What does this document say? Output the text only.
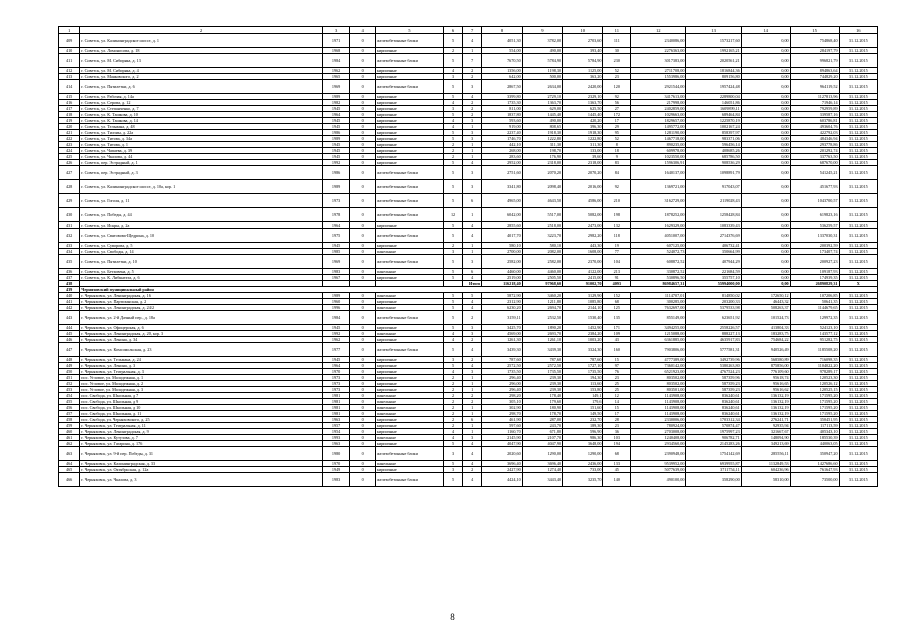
1	2	3	4	5	6	7	8	9	10	11	12	13	14	15	16
409	г. Советск, ул. Калининградское шоссе, д. 1	1971	0	железобетонные блоки	5	4	4051,30	3782,00	2703,60	111	2340086,00	1573217,60	0,00	754868,40	31.12.2015
410	г. Советск, ул. Ломоносова, д. 18	1968	0	кирпичные	2	1	554,00	490,00	393,40	30	2276363,00	1992165,21	0,00	284197,79	31.12.2015
411	г. Советск, ул. М. Сибиряка, д. 13	1984	0	железобетонные блоки	5	7	7670,50	5784,90	5784,90	230	3017383,00	2020561,21	0,00	996821,79	31.12.2015
412	г. Советск, ул. М. Сибиряка, д. 4	1962	0	кирпичные	4	2	1356,00	1198,30	1125,00	52	2711708,00	1816844,36	0,00	894863,64	31.12.2015
413	г. Советск, ул. Маяковского, д. 2	1965	0	кирпичные	3	2	642,00	500,00	363,20	23	1553986,00	809156,80	0,00	744829,20	31.12.2015
414	г. Советск, ул. Пятилетки, д. 6	1969	0	железобетонные блоки	5	3	2867,50	2634,00	2420,00	120	2921544,00	1957424,48	0,00	964119,52	31.12.2015
415	г. Советск, ул. Рабочая, д. 14а	1989	0	кирпичные	5	4	3399,80	2729,10	2329,10	92	3417613,00	2289800,04	0,00	1127813,96	31.12.2015
416	г. Советск, ул. Серова, д. 12	1982	0	кирпичные	4	2	1735,30	1363,70	1363,70	56	217998,00	146051,86	0,00	71946,14	31.12.2015
417	г. Советск, ул. Степанченко, д. 7	1945	0	кирпичные	3	2	811,00	629,00	625,50	27	2402859,00	1609899,11	0,00	792959,89	31.12.2015
418	г. Советск, ул. К. Ташкова, д. 10	1964	0	кирпичные	5	2	1837,80	1445,40	1445,40	172	1029663,00	689464,84	0,00	339587,16	31.12.2015
419	г. Советск, ул. К. Ташкова, д. 14	1945	0	кирпичные	4	3	593,60	490,00	420,20	17	1829657,00	1225870,19	0,00	603786,81	31.12.2015
420	г. Советск, ул. Тельмана, д. 48	1945	0	кирпичные	4	1	919,00	808,65	396,30	29	1495772,00	1002167,24	0,00	493604,76	31.12.2015
421	г. Советск, ул. Тилзиы, д. 22а	1986	0	кирпичные	5	3	2237,40	1918,30	1918,30	95	1281190,00	858397,97	0,00	422792,03	31.12.2015
422	г. Советск, ул. Титова, д. 34а	1989	0	кирпичные	5	3	1746,70	1222,80	1222,80	52	1467718,00	983371,06	0,00	484346,94	31.12.2015
423	г. Советск, ул. Титова, д. 1	1945	0	кирпичные	2	1	442,10	311,30	311,30	8	890235,00	596456,14	0,00	293778,86	31.12.2015
424	г. Советск, ул. Чапаева, д. 39	1945	0	кирпичные	2	1	268,00	198,70	133,00	18	609978,00	408685,26	0,00	201292,74	31.12.2015
425	г. Советск, ул. Чкалова, д. 44	1945	0	кирпичные	2	1	283,60	176,90	39,60	9	1023550,00	685786,50	0,00	337763,50	31.12.2015
426	г. Советск, пер. Эстрадный, д. 1	1992	0	кирпичные	5	4	2952,00	2318,00	2318,00	83	1596306,91	908536,29	0,00	687670,00	31.12.2015
427	г. Советск, пер. Эстрадный, д. 3	1986	0	железобетонные блоки	5	3	2751,60	2070,20	2070,20	84	1640137,00	1098891,79	0,00	541245,21	31.12.2015
428	г. Советск, ул. Калининградское шоссе, д. 10а, кор. 1	1989	0	железобетонные блоки	5	3	3341,80	2098,40	2016,00	92	1369721,00	917043,07	0,00	451677,93	31.12.2015
429	г. Советск, ул. Гоголя, д. 11	1973	0	железобетонные блоки	5	6	4965,00	4643,50	4586,00	210	3162729,00	2119028,43	0,00	1043700,57	31.12.2015
430	г. Советск, ул. Победы, д. 44	1978	0	железобетонные блоки	12	1	6042,00	5517,00	5082,00	198	1878252,00	1258428,84	0,00	619823,16	31.12.2015
431	г. Советск, ул. Искры, д. 2а	1964	0	кирпичные	5	4	2855,60	2518,00	2473,00	132	1629329,00	1083339,43	0,00	536259,57	31.12.2015
432	г. Советск, ул. Святовова-Щедрина, д. 10	1975	0	железобетонные блоки	5	4	4017,70	3223,70	2982,20	118	4051007,00	2714376,69	0,00	1337030,31	31.12.2015
433	г. Советск, ул. Суворова, д. 5	1945	0	кирпичные	2	1	580,10	580,10	443,30	19	607125,00	406732,41	0,00	200392,59	31.12.2015
434	г. Советск, ул. Свободы, д. 14	1985	0	панельные	3	1	2700,00	2082,00	1608,00	77	524072,73	350664,99	0,00	173407,74	31.12.2015
435	г. Советск, ул. Пятилетки, д. 10	1969	0	железобетонные блоки	5	3	2582,00	2582,00	2370,00	104	608872,52	407944,29	0,00	200927,23	31.12.2015
436	г. Советск, ул. Бетховена, д. 5	1983	0	панельные	5	6	4460,00	4460,00	4122,00	213	330872,52	221684,59	0,00	109187,93	31.12.2015
437	г. Советск, ул. К. Либкнехта, д. 6	1967	0	кирпичные	5	4	2519,00	2505,50	2415,00	91	530896,50	355757,10	0,00	174939,35	31.12.2015
438						Итого	116218,40	97968,60	91002,70	4093	86984657,31	55994000,00	0,00	26890829,31	X
439	Черняховский муниципальный район														
440	г. Черняховск, ул. Ленинградская, д. 16	1989	0	панельные	5	5	5872,90	3460,20	3129,90	152	1114707,01	814850,02	172650,12	107206,85	31.12.2015
441	г. Черняховск, ул. Партизанская, д. 2	1960	0	кирпичные	5	4	2312,90	1211,80	1085,80	68	300285,00	203200,33	46443,32	50641,35	31.12.2015
442	г. Черняховск, ул. Ленинградская, д. 24/2	1996	0	панельные	5	4	6230,20	2694,70	2144,10	125	7632697,00	5379533,98	508263,37	1144679,65	31.12.2015
443	г. Черняховск, ул. 2-й Дачный пер., д. 18а	1984	0	железобетонные блоки	5	2	3159,11	2532,50	1530,40	135	855149,00	623651,92	101524,73	129972,35	31.12.2015
444	г. Черняховск, ул. Офицерская, д. 6	1945	0	кирпичные	5	3	3425,70	1890,20	1452,90	171	3494255,00	2558226,57	413804,33	524123,10	31.12.2015
445	г. Черняховск, ул. Ленинградская, д. 20, кор. 3	1992	0	панельные	4	3	4569,00	2693,70	2384,20	109	1215088,00	888227,13	183283,75	143577,12	31.12.2015
446	г. Черняховск, ул. Ленина, д. 34	1962	0	кирпичные	4	2	1261,30	1261,10	1003,20	43	6361885,00	4635917,83	754684,22	951282,75	31.12.2015
447	г. Черняховск, ул. Комсомольская, д. 23	1977	0	железобетонные блоки	5	4	3439,30	3439,30	3324,30	160	7903806,00	5777581,31	940526,49	1185508,20	31.12.2015
448	г. Черняховск, ул. Тельмана, д. 24	1945	0	кирпичные	3	2	787,60	787,60	787,60	15	4777389,00	3492739,96	568580,89	716098,35	31.12.2015
449	г. Черняховск, ул. Ленина, д. 3	1964	0	кирпичные	5	4	2572,50	2572,50	1727,10	97	7360142,00	5380263,80	875856,00	1104022,20	31.12.2015
450	г. Черняховск, ул. Театральная, д. 3	1970	0	кирпичные	4	3	1735,50	1735,50	1735,50	76	6521923,00	4767524,23	776109,60	978289,17	31.12.2015
451	пос. Угловое, ул. Молодежная, д. 1	1973	0	кирпичные	2	1	296,40	239,30	194,30	23	803502,00	587359,96	95618,74	120523,30	31.12.2015
452	пос. Угловое, ул. Молодежная, д. 2	1973	0	кирпичные	2	1	296,00	239,30	113,60	25	803502,00	587359,23	95616,65	120526,12	31.12.2015
453	пос. Угловое, ул. Молодежная, д. 3	1973	0	кирпичные	2	1	296,40	239,30	153,80	25	803501,00	587359,23	95616,62	120525,15	31.12.2015
454	пос. Свобода, ул. Школьная, д 7	1981	0	панельные	2	2	298,20	178,40	149,1	12	1143908,00	836240,61	136132,19	171595,20	31.12.2015
455	пос. Свобода, ул. Школьная, д 9	1981	0	панельные	2	2	305,10	179,60	179,6	14	1143908,00	836240,61	136132,19	171595,20	31.12.2015
456	пос. Свобода, ул. Школьная, д 10	1981	0	панельные	2	1	302,90	180,90	151,60	15	1143908,00	836240,61	136132,19	171595,20	31.12.2015
457	пос. Свобода, ул. Школьная, д. 11	1981	0	панельные	2	1	298,70	178,70	149,50	17	1143908,00	836240,61	136132,19	171595,20	31.12.2015
458	пос. Свобода, ул. Черняховского, д. 25	1963	0	кирпичные	2	6	461,90	287,00	232,70	28	2330006,00	1703312,34	276241,71	350451,95	31.12.2015
459	г. Черняховск, ул. Театральная, д. 11	1957	0	кирпичные	2	1	597,60	243,70	189,30	23	780924,00	570874,47	92935,94	117113,59	31.12.2015
460	г. Черняховск, ул. Ленинградская, д. 9	1954	0	кирпичные	4	1	1160,70	671,80	596,90	36	2703008,00	1975997,23	321667,67	405343,10	31.12.2015
461	г. Черняховск, ул. Кутузова, д. 7	1993	0	панельные	4	3	2145,90	2107,70	986,30	103	1240408,00	906782,71	148094,90	185530,39	31.12.2015
462	г. Черняховск, ул. Гагарина, д. 176	1963	0	кирпичные	5	4	4047,90	4047,90	3648,00	194	2934560,00	2145283,26	349213,69	440063,05	31.12.2015
463	г. Черняховск, ул. 9-й пер. Победы, д. 31	1980	0	железобетонные блоки	3	4	2020,60	1290,00	1290,00	68	2390948,00	1754142,69	285556,11	350947,20	31.12.2015
464	г. Черняховск, ул. Калининградская, д. 33	1970	0	панельные	5	4	3696,40	3696,40	2436,00	133	9539952,00	6939955,87	1132849,53	1427686,60	31.12.2015
465	г. Черняховск, ул. Октябрьская, д. 12а	1949	0	кирпичные	3	2	2427,90	1274,40	733,00	45	5077639,00	3711754,11	604236,96	761647,93	31.12.2015
466	г. Черняховск, ул. Чкалова, д. 3	1983	0	железобетонные блоки	5	4	4424,10	3443,40	3235,70	140	490100,00	358290,00	58310,00	73500,00	31.12.2015
8
